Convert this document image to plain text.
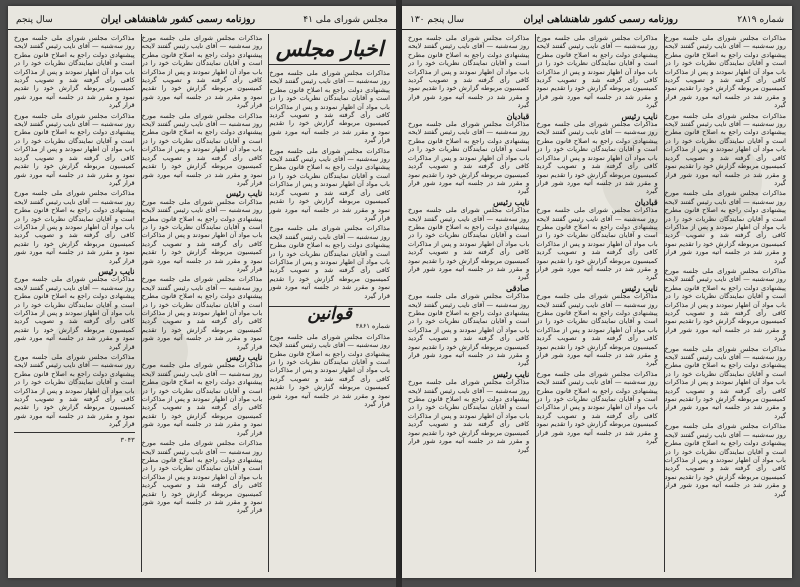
مجلس شورای ملی ۴۱
روزنامه رسمی کشور شاهنشاهی ایران
سال پنجم
اخبار مجلس

مذاکرات مجلس شورای ملی جلسه مورخ روز سه‌شنبه — آقای نایب رئیس گفتند لایحه پیشنهادی دولت راجع به اصلاح قانون مطرح است و آقایان نمایندگان نظریات خود را در باب مواد آن اظهار نمودند و پس از مذاکرات کافی رأی گرفته شد و تصویب گردید کمیسیون مربوطه گزارش خود را تقدیم نمود و مقرر شد در جلسه آتیه مورد شور قرار گیرد

مذاکرات مجلس شورای ملی جلسه مورخ روز سه‌شنبه — آقای نایب رئیس گفتند لایحه پیشنهادی دولت راجع به اصلاح قانون مطرح است و آقایان نمایندگان نظریات خود را در باب مواد آن اظهار نمودند و پس از مذاکرات کافی رأی گرفته شد و تصویب گردید کمیسیون مربوطه گزارش خود را تقدیم نمود و مقرر شد در جلسه آتیه مورد شور قرار گیرد

مذاکرات مجلس شورای ملی جلسه مورخ روز سه‌شنبه — آقای نایب رئیس گفتند لایحه پیشنهادی دولت راجع به اصلاح قانون مطرح است و آقایان نمایندگان نظریات خود را در باب مواد آن اظهار نمودند و پس از مذاکرات کافی رأی گرفته شد و تصویب گردید کمیسیون مربوطه گزارش خود را تقدیم نمود و مقرر شد در جلسه آتیه مورد شور قرار گیرد

قوانین

شماره ۴۸۶۱

مذاکرات مجلس شورای ملی جلسه مورخ روز سه‌شنبه — آقای نایب رئیس گفتند لایحه پیشنهادی دولت راجع به اصلاح قانون مطرح است و آقایان نمایندگان نظریات خود را در باب مواد آن اظهار نمودند و پس از مذاکرات کافی رأی گرفته شد و تصویب گردید کمیسیون مربوطه گزارش خود را تقدیم نمود و مقرر شد در جلسه آتیه مورد شور قرار گیرد

مذاکرات مجلس شورای ملی جلسه مورخ روز سه‌شنبه — آقای نایب رئیس گفتند لایحه پیشنهادی دولت راجع به اصلاح قانون مطرح است و آقایان نمایندگان نظریات خود را در باب مواد آن اظهار نمودند و پس از مذاکرات کافی رأی گرفته شد و تصویب گردید کمیسیون مربوطه گزارش خود را تقدیم نمود و مقرر شد در جلسه آتیه مورد شور قرار گیرد

مذاکرات مجلس شورای ملی جلسه مورخ روز سه‌شنبه — آقای نایب رئیس گفتند لایحه پیشنهادی دولت راجع به اصلاح قانون مطرح است و آقایان نمایندگان نظریات خود را در باب مواد آن اظهار نمودند و پس از مذاکرات کافی رأی گرفته شد و تصویب گردید کمیسیون مربوطه گزارش خود را تقدیم نمود و مقرر شد در جلسه آتیه مورد شور قرار گیرد

نایب رئیس

مذاکرات مجلس شورای ملی جلسه مورخ روز سه‌شنبه — آقای نایب رئیس گفتند لایحه پیشنهادی دولت راجع به اصلاح قانون مطرح است و آقایان نمایندگان نظریات خود را در باب مواد آن اظهار نمودند و پس از مذاکرات کافی رأی گرفته شد و تصویب گردید کمیسیون مربوطه گزارش خود را تقدیم نمود و مقرر شد در جلسه آتیه مورد شور قرار گیرد

مذاکرات مجلس شورای ملی جلسه مورخ روز سه‌شنبه — آقای نایب رئیس گفتند لایحه پیشنهادی دولت راجع به اصلاح قانون مطرح است و آقایان نمایندگان نظریات خود را در باب مواد آن اظهار نمودند و پس از مذاکرات کافی رأی گرفته شد و تصویب گردید کمیسیون مربوطه گزارش خود را تقدیم نمود و مقرر شد در جلسه آتیه مورد شور قرار گیرد

نایب رئیس

مذاکرات مجلس شورای ملی جلسه مورخ روز سه‌شنبه — آقای نایب رئیس گفتند لایحه پیشنهادی دولت راجع به اصلاح قانون مطرح است و آقایان نمایندگان نظریات خود را در باب مواد آن اظهار نمودند و پس از مذاکرات کافی رأی گرفته شد و تصویب گردید کمیسیون مربوطه گزارش خود را تقدیم نمود و مقرر شد در جلسه آتیه مورد شور قرار گیرد

مذاکرات مجلس شورای ملی جلسه مورخ روز سه‌شنبه — آقای نایب رئیس گفتند لایحه پیشنهادی دولت راجع به اصلاح قانون مطرح است و آقایان نمایندگان نظریات خود را در باب مواد آن اظهار نمودند و پس از مذاکرات کافی رأی گرفته شد و تصویب گردید کمیسیون مربوطه گزارش خود را تقدیم نمود و مقرر شد در جلسه آتیه مورد شور قرار گیرد

مذاکرات مجلس شورای ملی جلسه مورخ روز سه‌شنبه — آقای نایب رئیس گفتند لایحه پیشنهادی دولت راجع به اصلاح قانون مطرح است و آقایان نمایندگان نظریات خود را در باب مواد آن اظهار نمودند و پس از مذاکرات کافی رأی گرفته شد و تصویب گردید کمیسیون مربوطه گزارش خود را تقدیم نمود و مقرر شد در جلسه آتیه مورد شور قرار گیرد

مذاکرات مجلس شورای ملی جلسه مورخ روز سه‌شنبه — آقای نایب رئیس گفتند لایحه پیشنهادی دولت راجع به اصلاح قانون مطرح است و آقایان نمایندگان نظریات خود را در باب مواد آن اظهار نمودند و پس از مذاکرات کافی رأی گرفته شد و تصویب گردید کمیسیون مربوطه گزارش خود را تقدیم نمود و مقرر شد در جلسه آتیه مورد شور قرار گیرد

مذاکرات مجلس شورای ملی جلسه مورخ روز سه‌شنبه — آقای نایب رئیس گفتند لایحه پیشنهادی دولت راجع به اصلاح قانون مطرح است و آقایان نمایندگان نظریات خود را در باب مواد آن اظهار نمودند و پس از مذاکرات کافی رأی گرفته شد و تصویب گردید کمیسیون مربوطه گزارش خود را تقدیم نمود و مقرر شد در جلسه آتیه مورد شور قرار گیرد

نایب رئیس

مذاکرات مجلس شورای ملی جلسه مورخ روز سه‌شنبه — آقای نایب رئیس گفتند لایحه پیشنهادی دولت راجع به اصلاح قانون مطرح است و آقایان نمایندگان نظریات خود را در باب مواد آن اظهار نمودند و پس از مذاکرات کافی رأی گرفته شد و تصویب گردید کمیسیون مربوطه گزارش خود را تقدیم نمود و مقرر شد در جلسه آتیه مورد شور قرار گیرد

مذاکرات مجلس شورای ملی جلسه مورخ روز سه‌شنبه — آقای نایب رئیس گفتند لایحه پیشنهادی دولت راجع به اصلاح قانون مطرح است و آقایان نمایندگان نظریات خود را در باب مواد آن اظهار نمودند و پس از مذاکرات کافی رأی گرفته شد و تصویب گردید کمیسیون مربوطه گزارش خود را تقدیم نمود و مقرر شد در جلسه آتیه مورد شور قرار گیرد

۳۰۴۳

شماره ۲۸۱۹
روزنامه رسمی کشور شاهنشاهی ایران
سال پنجم ۱۳۰

مذاکرات مجلس شورای ملی جلسه مورخ روز سه‌شنبه — آقای نایب رئیس گفتند لایحه پیشنهادی دولت راجع به اصلاح قانون مطرح است و آقایان نمایندگان نظریات خود را در باب مواد آن اظهار نمودند و پس از مذاکرات کافی رأی گرفته شد و تصویب گردید کمیسیون مربوطه گزارش خود را تقدیم نمود و مقرر شد در جلسه آتیه مورد شور قرار گیرد

مذاکرات مجلس شورای ملی جلسه مورخ روز سه‌شنبه — آقای نایب رئیس گفتند لایحه پیشنهادی دولت راجع به اصلاح قانون مطرح است و آقایان نمایندگان نظریات خود را در باب مواد آن اظهار نمودند و پس از مذاکرات کافی رأی گرفته شد و تصویب گردید کمیسیون مربوطه گزارش خود را تقدیم نمود و مقرر شد در جلسه آتیه مورد شور قرار گیرد

مذاکرات مجلس شورای ملی جلسه مورخ روز سه‌شنبه — آقای نایب رئیس گفتند لایحه پیشنهادی دولت راجع به اصلاح قانون مطرح است و آقایان نمایندگان نظریات خود را در باب مواد آن اظهار نمودند و پس از مذاکرات کافی رأی گرفته شد و تصویب گردید کمیسیون مربوطه گزارش خود را تقدیم نمود و مقرر شد در جلسه آتیه مورد شور قرار گیرد

مذاکرات مجلس شورای ملی جلسه مورخ روز سه‌شنبه — آقای نایب رئیس گفتند لایحه پیشنهادی دولت راجع به اصلاح قانون مطرح است و آقایان نمایندگان نظریات خود را در باب مواد آن اظهار نمودند و پس از مذاکرات کافی رأی گرفته شد و تصویب گردید کمیسیون مربوطه گزارش خود را تقدیم نمود و مقرر شد در جلسه آتیه مورد شور قرار گیرد

مذاکرات مجلس شورای ملی جلسه مورخ روز سه‌شنبه — آقای نایب رئیس گفتند لایحه پیشنهادی دولت راجع به اصلاح قانون مطرح است و آقایان نمایندگان نظریات خود را در باب مواد آن اظهار نمودند و پس از مذاکرات کافی رأی گرفته شد و تصویب گردید کمیسیون مربوطه گزارش خود را تقدیم نمود و مقرر شد در جلسه آتیه مورد شور قرار گیرد

مذاکرات مجلس شورای ملی جلسه مورخ روز سه‌شنبه — آقای نایب رئیس گفتند لایحه پیشنهادی دولت راجع به اصلاح قانون مطرح است و آقایان نمایندگان نظریات خود را در باب مواد آن اظهار نمودند و پس از مذاکرات کافی رأی گرفته شد و تصویب گردید کمیسیون مربوطه گزارش خود را تقدیم نمود و مقرر شد در جلسه آتیه مورد شور قرار گیرد

مذاکرات مجلس شورای ملی جلسه مورخ روز سه‌شنبه — آقای نایب رئیس گفتند لایحه پیشنهادی دولت راجع به اصلاح قانون مطرح است و آقایان نمایندگان نظریات خود را در باب مواد آن اظهار نمودند و پس از مذاکرات کافی رأی گرفته شد و تصویب گردید کمیسیون مربوطه گزارش خود را تقدیم نمود و مقرر شد در جلسه آتیه مورد شور قرار گیرد

نایب رئیس

مذاکرات مجلس شورای ملی جلسه مورخ روز سه‌شنبه — آقای نایب رئیس گفتند لایحه پیشنهادی دولت راجع به اصلاح قانون مطرح است و آقایان نمایندگان نظریات خود را در باب مواد آن اظهار نمودند و پس از مذاکرات کافی رأی گرفته شد و تصویب گردید کمیسیون مربوطه گزارش خود را تقدیم نمود و مقرر شد در جلسه آتیه مورد شور قرار گیرد

قبادیان

مذاکرات مجلس شورای ملی جلسه مورخ روز سه‌شنبه — آقای نایب رئیس گفتند لایحه پیشنهادی دولت راجع به اصلاح قانون مطرح است و آقایان نمایندگان نظریات خود را در باب مواد آن اظهار نمودند و پس از مذاکرات کافی رأی گرفته شد و تصویب گردید کمیسیون مربوطه گزارش خود را تقدیم نمود و مقرر شد در جلسه آتیه مورد شور قرار گیرد

نایب رئیس

مذاکرات مجلس شورای ملی جلسه مورخ روز سه‌شنبه — آقای نایب رئیس گفتند لایحه پیشنهادی دولت راجع به اصلاح قانون مطرح است و آقایان نمایندگان نظریات خود را در باب مواد آن اظهار نمودند و پس از مذاکرات کافی رأی گرفته شد و تصویب گردید کمیسیون مربوطه گزارش خود را تقدیم نمود و مقرر شد در جلسه آتیه مورد شور قرار گیرد

مذاکرات مجلس شورای ملی جلسه مورخ روز سه‌شنبه — آقای نایب رئیس گفتند لایحه پیشنهادی دولت راجع به اصلاح قانون مطرح است و آقایان نمایندگان نظریات خود را در باب مواد آن اظهار نمودند و پس از مذاکرات کافی رأی گرفته شد و تصویب گردید کمیسیون مربوطه گزارش خود را تقدیم نمود و مقرر شد در جلسه آتیه مورد شور قرار گیرد

مذاکرات مجلس شورای ملی جلسه مورخ روز سه‌شنبه — آقای نایب رئیس گفتند لایحه پیشنهادی دولت راجع به اصلاح قانون مطرح است و آقایان نمایندگان نظریات خود را در باب مواد آن اظهار نمودند و پس از مذاکرات کافی رأی گرفته شد و تصویب گردید کمیسیون مربوطه گزارش خود را تقدیم نمود و مقرر شد در جلسه آتیه مورد شور قرار گیرد

قبادیان

مذاکرات مجلس شورای ملی جلسه مورخ روز سه‌شنبه — آقای نایب رئیس گفتند لایحه پیشنهادی دولت راجع به اصلاح قانون مطرح است و آقایان نمایندگان نظریات خود را در باب مواد آن اظهار نمودند و پس از مذاکرات کافی رأی گرفته شد و تصویب گردید کمیسیون مربوطه گزارش خود را تقدیم نمود و مقرر شد در جلسه آتیه مورد شور قرار گیرد

نایب رئیس

مذاکرات مجلس شورای ملی جلسه مورخ روز سه‌شنبه — آقای نایب رئیس گفتند لایحه پیشنهادی دولت راجع به اصلاح قانون مطرح است و آقایان نمایندگان نظریات خود را در باب مواد آن اظهار نمودند و پس از مذاکرات کافی رأی گرفته شد و تصویب گردید کمیسیون مربوطه گزارش خود را تقدیم نمود و مقرر شد در جلسه آتیه مورد شور قرار گیرد

صادقی

مذاکرات مجلس شورای ملی جلسه مورخ روز سه‌شنبه — آقای نایب رئیس گفتند لایحه پیشنهادی دولت راجع به اصلاح قانون مطرح است و آقایان نمایندگان نظریات خود را در باب مواد آن اظهار نمودند و پس از مذاکرات کافی رأی گرفته شد و تصویب گردید کمیسیون مربوطه گزارش خود را تقدیم نمود و مقرر شد در جلسه آتیه مورد شور قرار گیرد

نایب رئیس

مذاکرات مجلس شورای ملی جلسه مورخ روز سه‌شنبه — آقای نایب رئیس گفتند لایحه پیشنهادی دولت راجع به اصلاح قانون مطرح است و آقایان نمایندگان نظریات خود را در باب مواد آن اظهار نمودند و پس از مذاکرات کافی رأی گرفته شد و تصویب گردید کمیسیون مربوطه گزارش خود را تقدیم نمود و مقرر شد در جلسه آتیه مورد شور قرار گیرد
